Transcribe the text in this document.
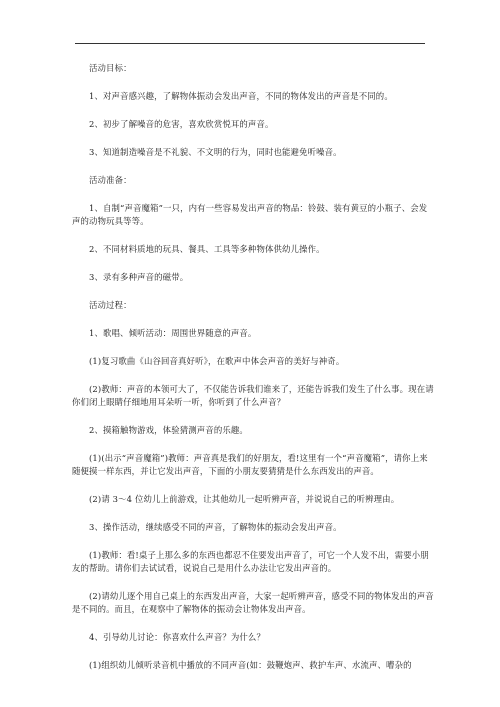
活动目标：

1、对声音感兴趣，了解物体振动会发出声音，不同的物体发出的声音是不同的。

2、初步了解噪音的危害，喜欢欣赏悦耳的声音。

3、知道制造噪音是不礼貌、不文明的行为，同时也能避免听噪音。

活动准备：

1、自制“声音魔箱”一只，内有一些容易发出声音的物品：铃鼓、装有黄豆的小瓶子、会发声的动物玩具等等。

2、不同材料质地的玩具、餐具、工具等多种物体供幼儿操作。

3、录有多种声音的磁带。

活动过程：

1、歌唱、倾听活动：周围世界随意的声音。

(1)复习歌曲《山谷回音真好听》，在歌声中体会声音的美好与神奇。

(2)教师：声音的本领可大了，不仅能告诉我们谁来了，还能告诉我们发生了什么事。现在请你们闭上眼睛仔细地用耳朵听一听，你听到了什么声音？

2、摸箱触物游戏，体验猜测声音的乐趣。

(1)(出示“声音魔箱”)教师：声音真是我们的好朋友，看!这里有一个“声音魔箱”，请你上来随便摸一样东西，并让它发出声音，下面的小朋友要猜猜是什么东西发出的声音。

(2)请 3～4 位幼儿上前游戏，让其他幼儿一起听辨声音，并说说自己的听辨理由。

3、操作活动，继续感受不同的声音，了解物体的振动会发出声音。

(1)教师：看!桌子上那么多的东西也都忍不住要发出声音了，可它一个人发不出，需要小朋友的帮助。请你们去试试看，说说自己是用什么办法让它发出声音的。

(2)请幼儿逐个用自己桌上的东西发出声音，大家一起听辨声音，感受不同的物体发出的声音是不同的。而且，在观察中了解物体的振动会让物体发出声音。

4、引导幼儿讨论：你喜欢什么声音？为什么？

(1)组织幼儿倾听录音机中播放的不同声音(如：鼓鞭炮声、救护车声、水流声、嘈杂的
